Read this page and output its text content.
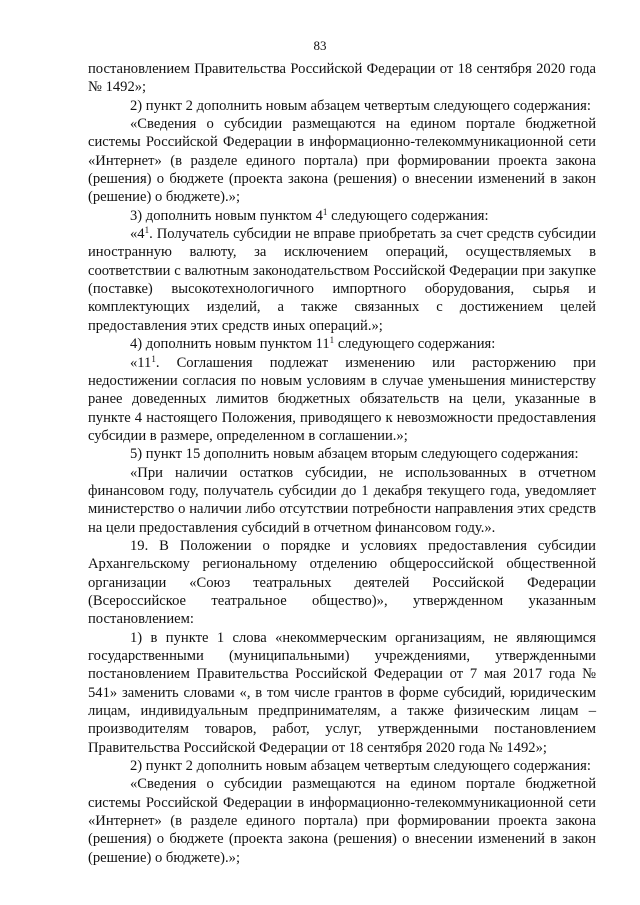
83

постановлением Правительства Российской Федерации от 18 сентября 2020 года № 1492»;

2) пункт 2 дополнить новым абзацем четвертым следующего содержания:

«Сведения о субсидии размещаются на едином портале бюджетной системы Российской Федерации в информационно-телекоммуникационной сети «Интернет» (в разделе единого портала) при формировании проекта закона (решения) о бюджете (проекта закона (решения) о внесении изменений в закон (решение) о бюджете).»;

3) дополнить новым пунктом $4^1$ следующего содержания:

«$4^1$. Получатель субсидии не вправе приобретать за счет средств субсидии иностранную валюту, за исключением операций, осуществляемых в соответствии с валютным законодательством Российской Федерации при закупке (поставке) высокотехнологичного импортного оборудования, сырья и комплектующих изделий, а также связанных с достижением целей предоставления этих средств иных операций.»;

4) дополнить новым пунктом $11^1$ следующего содержания:

«$11^1$. Соглашения подлежат изменению или расторжению при недостижении согласия по новым условиям в случае уменьшения министерству ранее доведенных лимитов бюджетных обязательств на цели, указанные в пункте 4 настоящего Положения, приводящего к невозможности предоставления субсидии в размере, определенном в соглашении.»;

5) пункт 15 дополнить новым абзацем вторым следующего содержания:

«При наличии остатков субсидии, не использованных в отчетном финансовом году, получатель субсидии до 1 декабря текущего года, уведомляет министерство о наличии либо отсутствии потребности направления этих средств на цели предоставления субсидий в отчетном финансовом году.».

19. В Положении о порядке и условиях предоставления субсидии Архангельскому региональному отделению общероссийской общественной организации «Союз театральных деятелей Российской Федерации (Всероссийское театральное общество)», утвержденном указанным постановлением:

1) в пункте 1 слова «некоммерческим организациям, не являющимся государственными (муниципальными) учреждениями, утвержденными постановлением Правительства Российской Федерации от 7 мая 2017 года № 541» заменить словами «, в том числе грантов в форме субсидий, юридическим лицам, индивидуальным предпринимателям, а также физическим лицам – производителям товаров, работ, услуг, утвержденными постановлением Правительства Российской Федерации от 18 сентября 2020 года № 1492»;

2) пункт 2 дополнить новым абзацем четвертым следующего содержания:

«Сведения о субсидии размещаются на едином портале бюджетной системы Российской Федерации в информационно-телекоммуникационной сети «Интернет» (в разделе единого портала) при формировании проекта закона (решения) о бюджете (проекта закона (решения) о внесении изменений в закон (решение) о бюджете).»;
